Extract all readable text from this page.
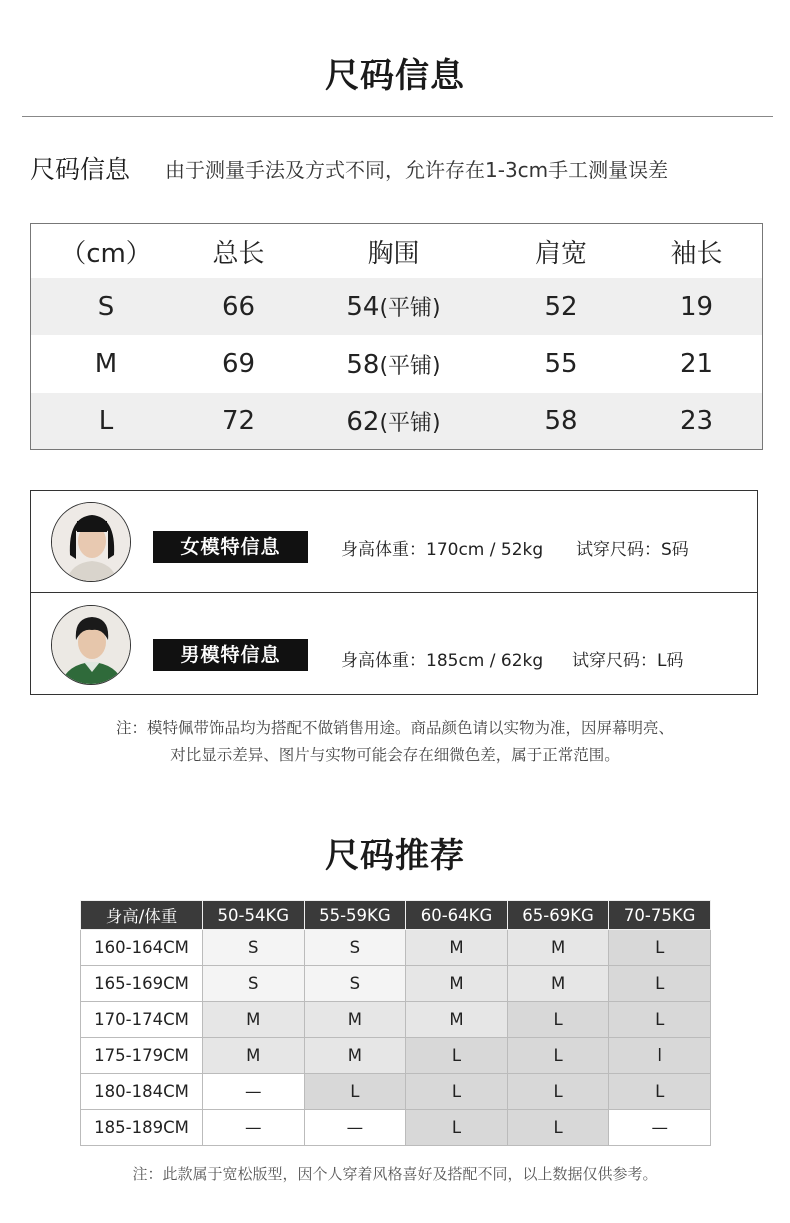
尺码信息
尺码信息 由于测量手法及方式不同，允许存在1-3cm手工测量误差
（cm）	总长	胸围	肩宽	袖长
S	66	54(平铺)	52	19
M	69	58(平铺)	55	21
L	72	62(平铺)	58	23
女模特信息	身高体重：170cm / 52kg 试穿尺码：S码
男模特信息	身高体重：185cm / 62kg 试穿尺码：L码
注：模特佩带饰品均为搭配不做销售用途。商品颜色请以实物为准，因屏幕明亮、
对比显示差异、图片与实物可能会存在细微色差，属于正常范围。
尺码推荐
身高/体重	50-54KG	55-59KG	60-64KG	65-69KG	70-75KG
160-164CM	S	S	M	M	L
165-169CM	S	S	M	M	L
170-174CM	M	M	M	L	L
175-179CM	M	M	L	L	l
180-184CM	—	L	L	L	L
185-189CM	—	—	L	L	—
注：此款属于宽松版型，因个人穿着风格喜好及搭配不同，以上数据仅供参考。
